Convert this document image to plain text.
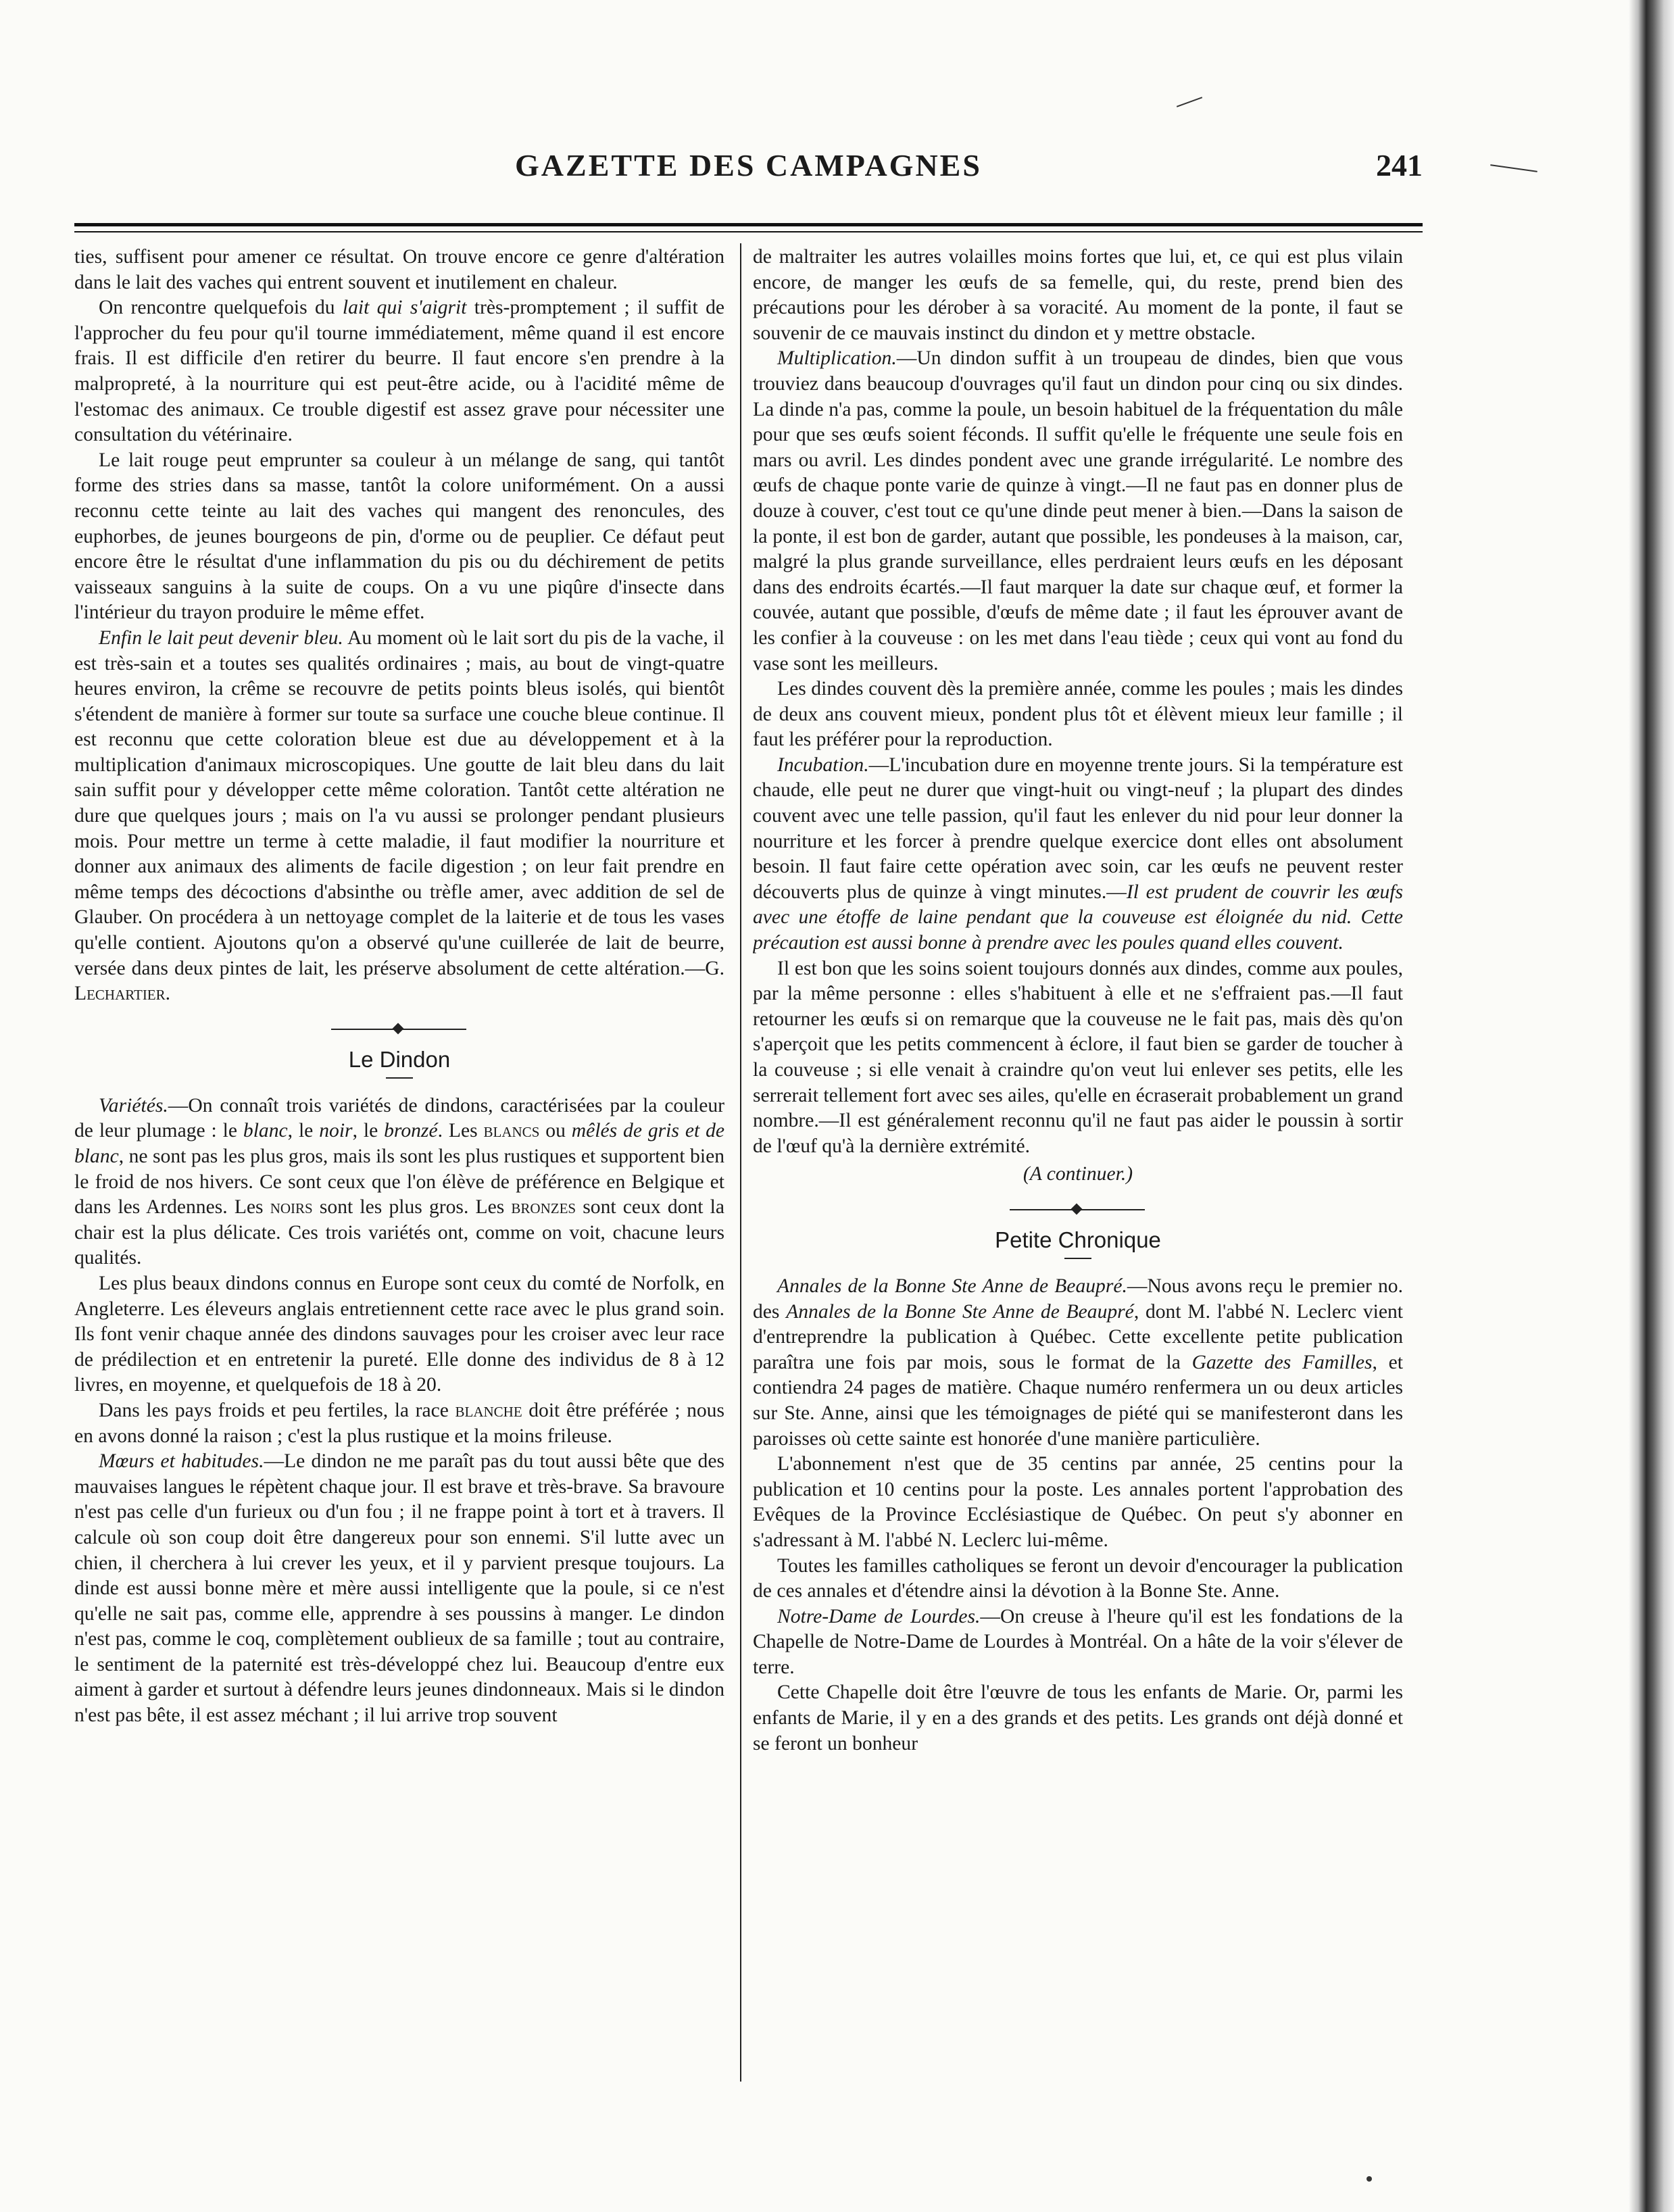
GAZETTE DES CAMPAGNES	241

ties, suffisent pour amener ce résultat. On trouve encore ce genre d'altération dans le lait des vaches qui entrent souvent et inutilement en chaleur.

On rencontre quelquefois du lait qui s'aigrit très-promptement ; il suffit de l'approcher du feu pour qu'il tourne immédiatement, même quand il est encore frais. Il est difficile d'en retirer du beurre. Il faut encore s'en prendre à la malpropreté, à la nourriture qui est peut-être acide, ou à l'acidité même de l'estomac des animaux. Ce trouble digestif est assez grave pour nécessiter une consultation du vétérinaire.

Le lait rouge peut emprunter sa couleur à un mélange de sang, qui tantôt forme des stries dans sa masse, tantôt la colore uniformément. On a aussi reconnu cette teinte au lait des vaches qui mangent des renoncules, des euphorbes, de jeunes bourgeons de pin, d'orme ou de peuplier. Ce défaut peut encore être le résultat d'une inflammation du pis ou du déchirement de petits vaisseaux sanguins à la suite de coups. On a vu une piqûre d'insecte dans l'intérieur du trayon produire le même effet.

Enfin le lait peut devenir bleu. Au moment où le lait sort du pis de la vache, il est très-sain et a toutes ses qualités ordinaires ; mais, au bout de vingt-quatre heures environ, la crême se recouvre de petits points bleus isolés, qui bientôt s'étendent de manière à former sur toute sa surface une couche bleue continue. Il est reconnu que cette coloration bleue est due au développement et à la multiplication d'animaux microscopiques. Une goutte de lait bleu dans du lait sain suffit pour y développer cette même coloration. Tantôt cette altération ne dure que quelques jours ; mais on l'a vu aussi se prolonger pendant plusieurs mois. Pour mettre un terme à cette maladie, il faut modifier la nourriture et donner aux animaux des aliments de facile digestion ; on leur fait prendre en même temps des décoctions d'absinthe ou trèfle amer, avec addition de sel de Glauber. On procédera à un nettoyage complet de la laiterie et de tous les vases qu'elle contient. Ajoutons qu'on a observé qu'une cuillerée de lait de beurre, versée dans deux pintes de lait, les préserve absolument de cette altération.—G. Lechartier.

Le Dindon

Variétés.—On connaît trois variétés de dindons, caractérisées par la couleur de leur plumage : le blanc, le noir, le bronzé. Les blancs ou mêlés de gris et de blanc, ne sont pas les plus gros, mais ils sont les plus rustiques et supportent bien le froid de nos hivers. Ce sont ceux que l'on élève de préférence en Belgique et dans les Ardennes. Les noirs sont les plus gros. Les bronzes sont ceux dont la chair est la plus délicate. Ces trois variétés ont, comme on voit, chacune leurs qualités.

Les plus beaux dindons connus en Europe sont ceux du comté de Norfolk, en Angleterre. Les éleveurs anglais entretiennent cette race avec le plus grand soin. Ils font venir chaque année des dindons sauvages pour les croiser avec leur race de prédilection et en entretenir la pureté. Elle donne des individus de 8 à 12 livres, en moyenne, et quelquefois de 18 à 20.

Dans les pays froids et peu fertiles, la race blanche doit être préférée ; nous en avons donné la raison ; c'est la plus rustique et la moins frileuse.

Mœurs et habitudes.—Le dindon ne me paraît pas du tout aussi bête que des mauvaises langues le répètent chaque jour. Il est brave et très-brave. Sa bravoure n'est pas celle d'un furieux ou d'un fou ; il ne frappe point à tort et à travers. Il calcule où son coup doit être dangereux pour son ennemi. S'il lutte avec un chien, il cherchera à lui crever les yeux, et il y parvient presque toujours. La dinde est aussi bonne mère et mère aussi intelligente que la poule, si ce n'est qu'elle ne sait pas, comme elle, apprendre à ses poussins à manger. Le dindon n'est pas, comme le coq, complètement oublieux de sa famille ; tout au contraire, le sentiment de la paternité est très-développé chez lui. Beaucoup d'entre eux aiment à garder et surtout à défendre leurs jeunes dindonneaux. Mais si le dindon n'est pas bête, il est assez méchant ; il lui arrive trop souvent

de maltraiter les autres volailles moins fortes que lui, et, ce qui est plus vilain encore, de manger les œufs de sa femelle, qui, du reste, prend bien des précautions pour les dérober à sa voracité. Au moment de la ponte, il faut se souvenir de ce mauvais instinct du dindon et y mettre obstacle.

Multiplication.—Un dindon suffit à un troupeau de dindes, bien que vous trouviez dans beaucoup d'ouvrages qu'il faut un dindon pour cinq ou six dindes. La dinde n'a pas, comme la poule, un besoin habituel de la fréquentation du mâle pour que ses œufs soient féconds. Il suffit qu'elle le fréquente une seule fois en mars ou avril. Les dindes pondent avec une grande irrégularité. Le nombre des œufs de chaque ponte varie de quinze à vingt.—Il ne faut pas en donner plus de douze à couver, c'est tout ce qu'une dinde peut mener à bien.—Dans la saison de la ponte, il est bon de garder, autant que possible, les pondeuses à la maison, car, malgré la plus grande surveillance, elles perdraient leurs œufs en les déposant dans des endroits écartés.—Il faut marquer la date sur chaque œuf, et former la couvée, autant que possible, d'œufs de même date ; il faut les éprouver avant de les confier à la couveuse : on les met dans l'eau tiède ; ceux qui vont au fond du vase sont les meilleurs.

Les dindes couvent dès la première année, comme les poules ; mais les dindes de deux ans couvent mieux, pondent plus tôt et élèvent mieux leur famille ; il faut les préférer pour la reproduction.

Incubation.—L'incubation dure en moyenne trente jours. Si la température est chaude, elle peut ne durer que vingt-huit ou vingt-neuf ; la plupart des dindes couvent avec une telle passion, qu'il faut les enlever du nid pour leur donner la nourriture et les forcer à prendre quelque exercice dont elles ont absolument besoin. Il faut faire cette opération avec soin, car les œufs ne peuvent rester découverts plus de quinze à vingt minutes.—Il est prudent de couvrir les œufs avec une étoffe de laine pendant que la couveuse est éloignée du nid. Cette précaution est aussi bonne à prendre avec les poules quand elles couvent.

Il est bon que les soins soient toujours donnés aux dindes, comme aux poules, par la même personne : elles s'habituent à elle et ne s'effraient pas.—Il faut retourner les œufs si on remarque que la couveuse ne le fait pas, mais dès qu'on s'aperçoit que les petits commencent à éclore, il faut bien se garder de toucher à la couveuse ; si elle venait à craindre qu'on veut lui enlever ses petits, elle les serrerait tellement fort avec ses ailes, qu'elle en écraserait probablement un grand nombre.—Il est généralement reconnu qu'il ne faut pas aider le poussin à sortir de l'œuf qu'à la dernière extrémité.

(A continuer.)
Petite Chronique

Annales de la Bonne Ste Anne de Beaupré.—Nous avons reçu le premier no. des Annales de la Bonne Ste Anne de Beaupré, dont M. l'abbé N. Leclerc vient d'entreprendre la publication à Québec. Cette excellente petite publication paraîtra une fois par mois, sous le format de la Gazette des Familles, et contiendra 24 pages de matière. Chaque numéro renfermera un ou deux articles sur Ste. Anne, ainsi que les témoignages de piété qui se manifesteront dans les paroisses où cette sainte est honorée d'une manière particulière.

L'abonnement n'est que de 35 centins par année, 25 centins pour la publication et 10 centins pour la poste. Les annales portent l'approbation des Evêques de la Province Ecclésiastique de Québec. On peut s'y abonner en s'adressant à M. l'abbé N. Leclerc lui-même.

Toutes les familles catholiques se feront un devoir d'encourager la publication de ces annales et d'étendre ainsi la dévotion à la Bonne Ste. Anne.

Notre-Dame de Lourdes.—On creuse à l'heure qu'il est les fondations de la Chapelle de Notre-Dame de Lourdes à Montréal. On a hâte de la voir s'élever de terre.

Cette Chapelle doit être l'œuvre de tous les enfants de Marie. Or, parmi les enfants de Marie, il y en a des grands et des petits. Les grands ont déjà donné et se feront un bonheur
